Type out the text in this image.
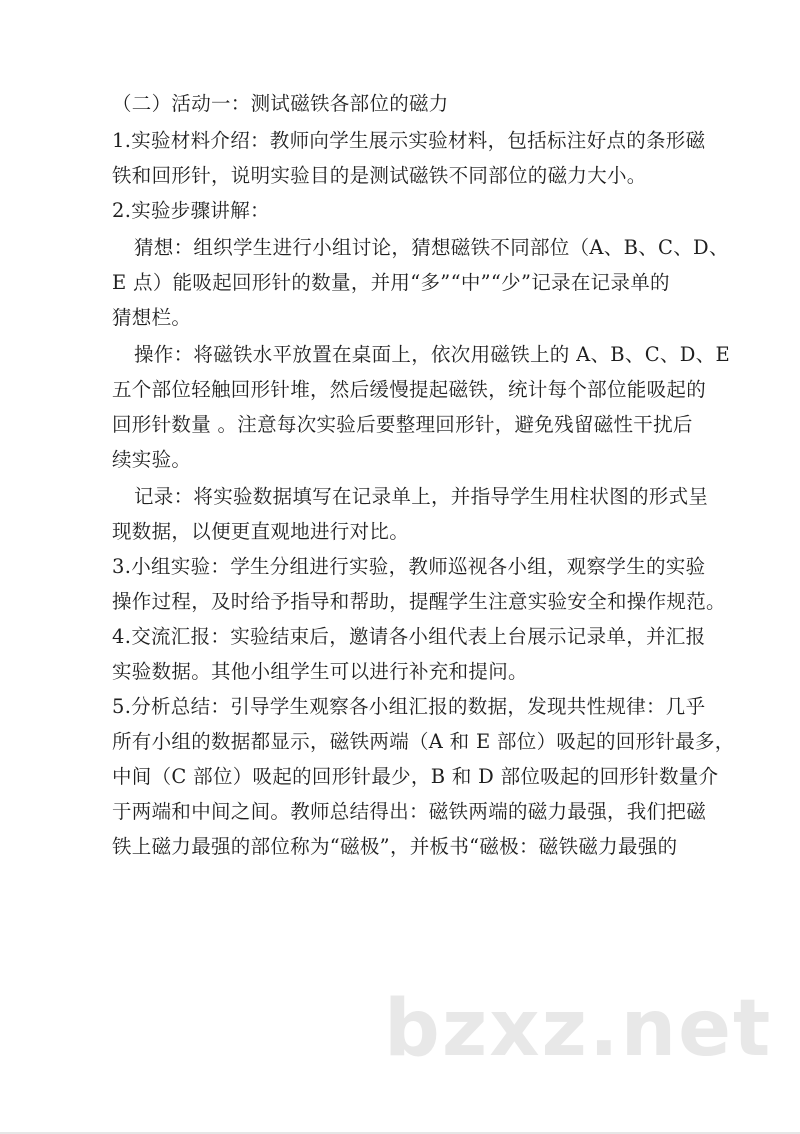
（二）活动一：测试磁铁各部位的磁力
1.实验材料介绍：教师向学生展示实验材料，包括标注好点的条形磁
铁和回形针，说明实验目的是测试磁铁不同部位的磁力大小。
2.实验步骤讲解：
猜想：组织学生进行小组讨论，猜想磁铁不同部位（A、B、C、D、
E 点）能吸起回形针的数量，并用“多”“中”“少”记录在记录单的
猜想栏。
操作：将磁铁水平放置在桌面上，依次用磁铁上的 A、B、C、D、E
五个部位轻触回形针堆，然后缓慢提起磁铁，统计每个部位能吸起的
回形针数量 。注意每次实验后要整理回形针，避免残留磁性干扰后
续实验。
记录：将实验数据填写在记录单上，并指导学生用柱状图的形式呈
现数据，以便更直观地进行对比。
3.小组实验：学生分组进行实验，教师巡视各小组，观察学生的实验
操作过程，及时给予指导和帮助，提醒学生注意实验安全和操作规范。
4.交流汇报：实验结束后，邀请各小组代表上台展示记录单，并汇报
实验数据。其他小组学生可以进行补充和提问。
5.分析总结：引导学生观察各小组汇报的数据，发现共性规律：几乎
所有小组的数据都显示，磁铁两端（A 和 E 部位）吸起的回形针最多，
中间（C 部位）吸起的回形针最少，B 和 D 部位吸起的回形针数量介
于两端和中间之间。教师总结得出：磁铁两端的磁力最强，我们把磁
铁上磁力最强的部位称为“磁极”，并板书“磁极：磁铁磁力最强的
bzxz.net
